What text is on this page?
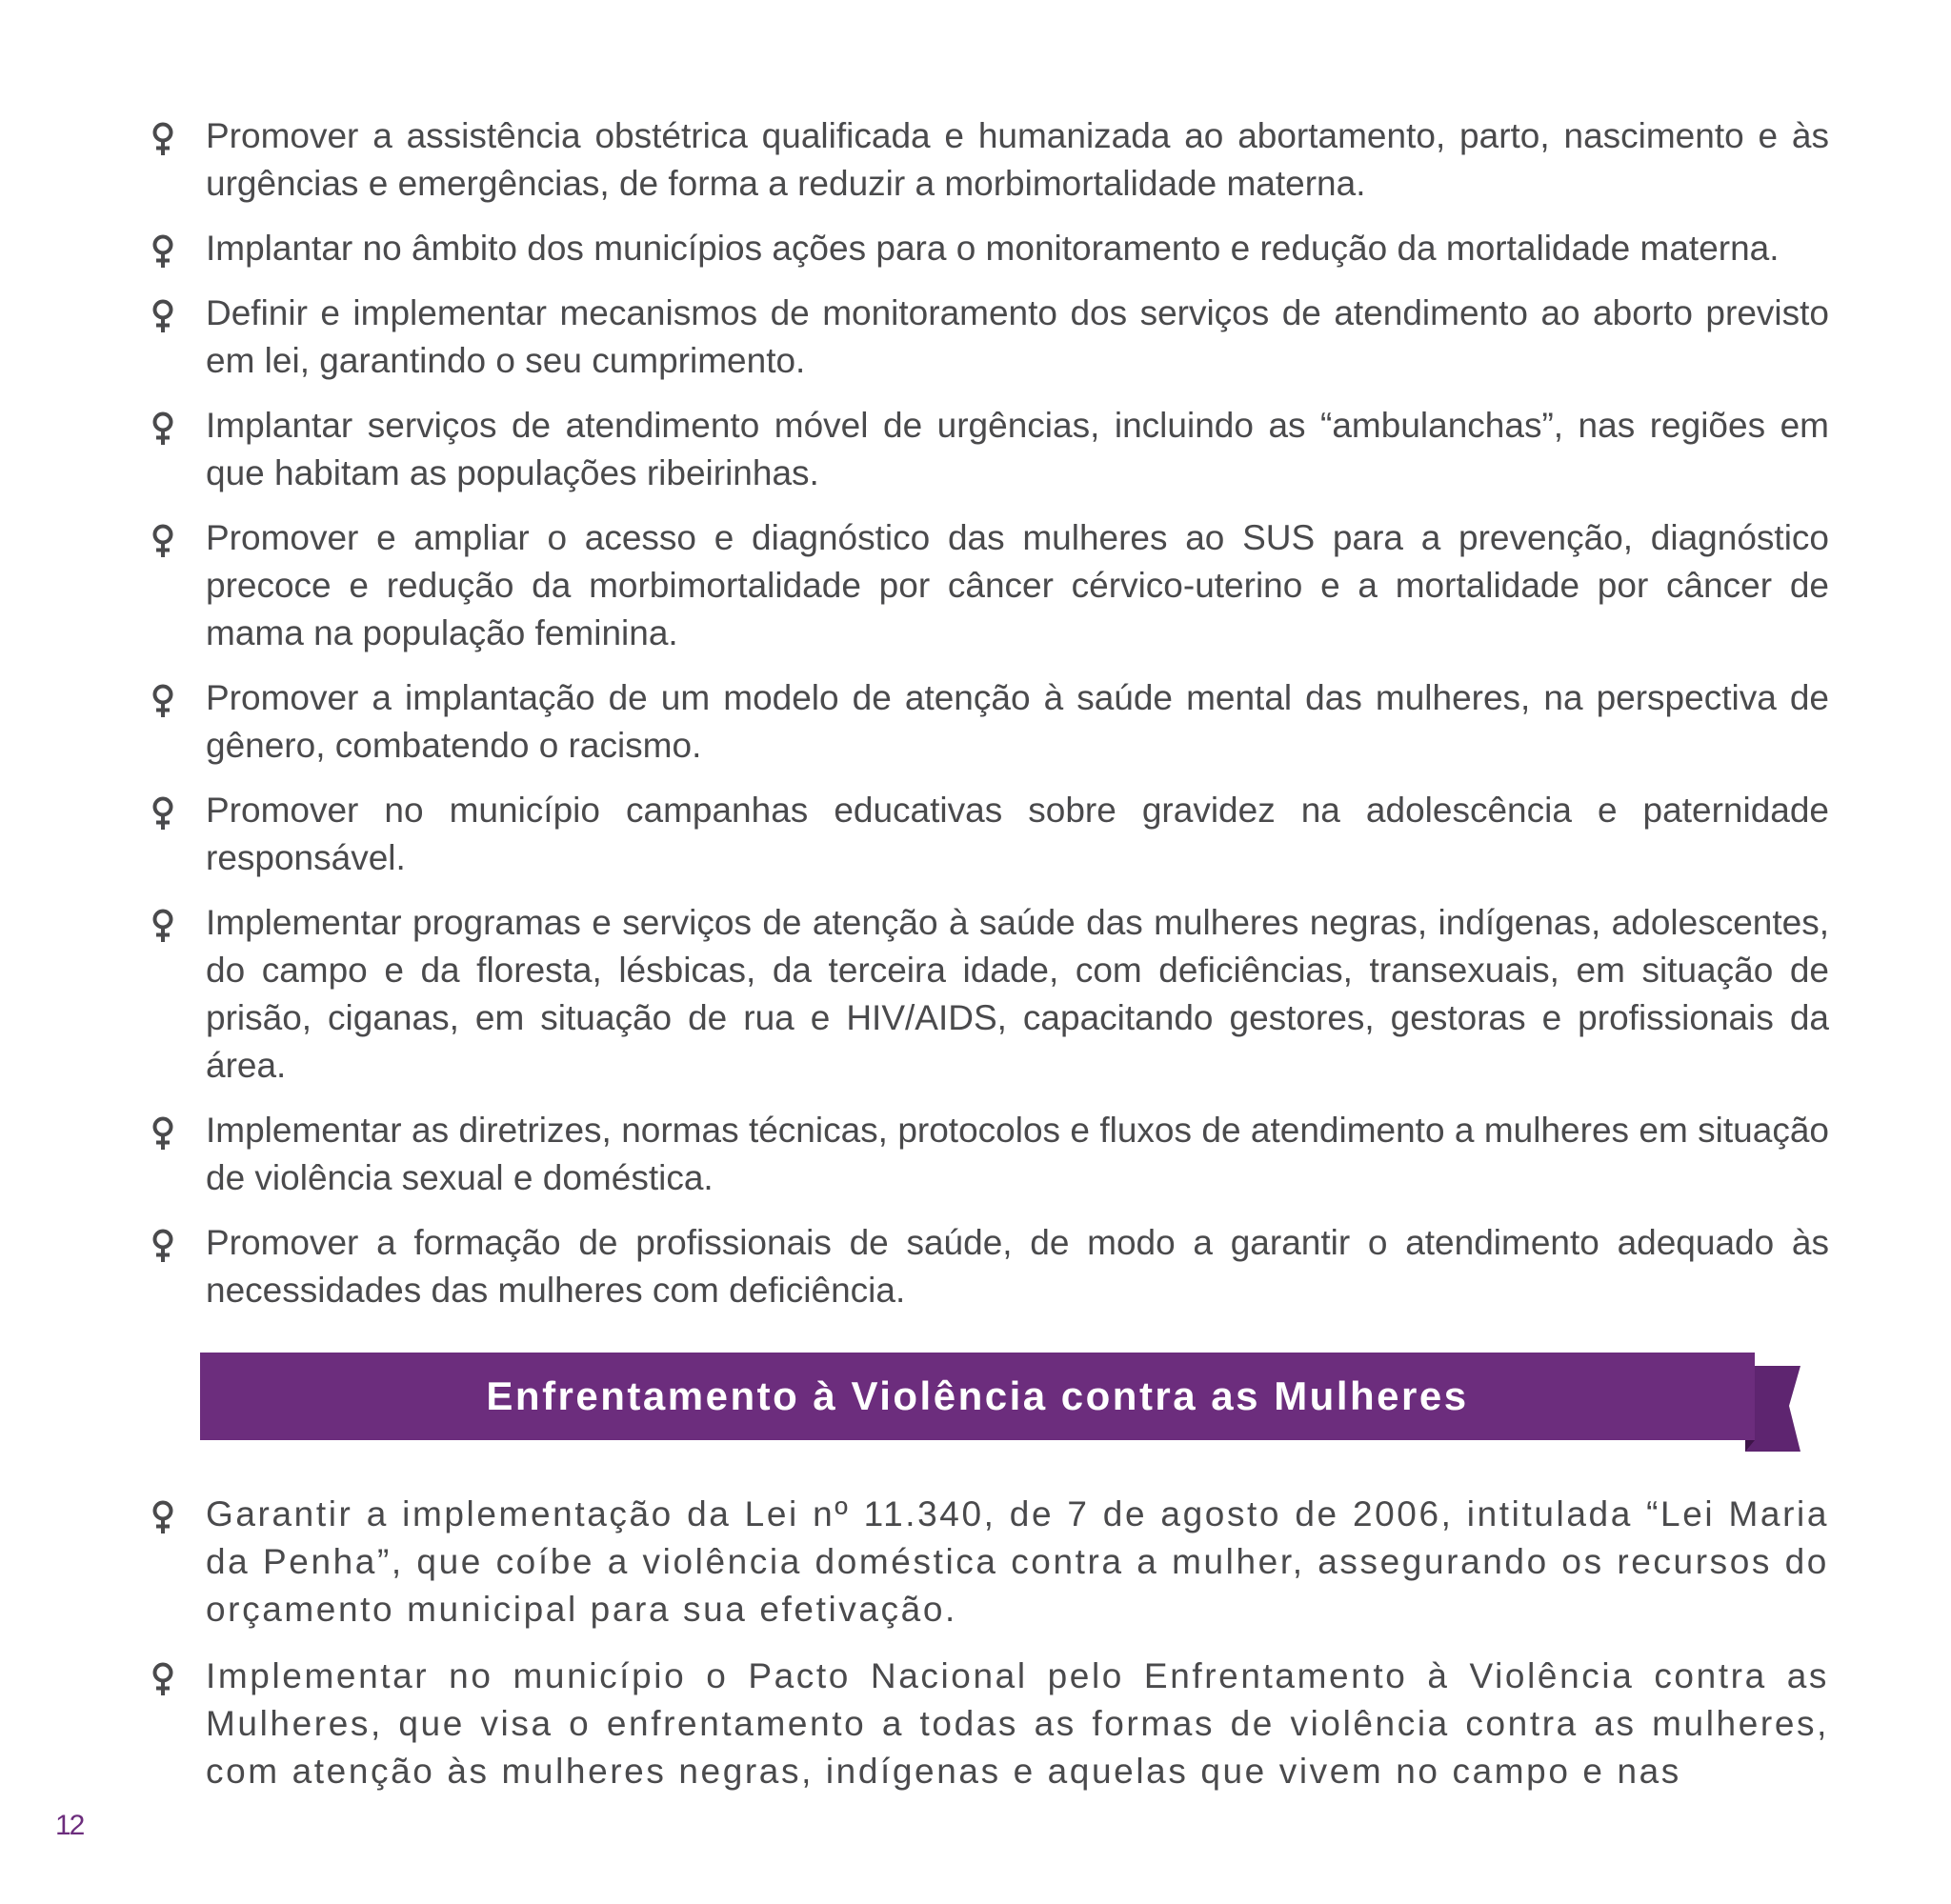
Promover a assistência obstétrica qualificada e humanizada ao abortamento, parto, nascimento e às urgências e emergências, de forma a reduzir a morbimortalidade materna.
Implantar no âmbito dos municípios ações para o monitoramento e redução da mortalidade materna.
Definir e implementar mecanismos de monitoramento dos serviços de atendimento ao aborto previsto em lei, garantindo o seu cumprimento.
Implantar serviços de atendimento móvel de urgências, incluindo as “ambulanchas”, nas regiões em que habitam as populações ribeirinhas.
Promover e ampliar o acesso e diagnóstico das mulheres ao SUS para a prevenção, diagnóstico precoce e redução da morbimortalidade por câncer cérvico-uterino e a mortalidade por câncer de mama na população feminina.
Promover a implantação de um modelo de atenção à saúde mental das mulheres, na perspectiva de gênero, combatendo o racismo.
Promover no município campanhas educativas sobre gravidez na adolescência e paternidade responsável.
Implementar programas e serviços de atenção à saúde das mulheres negras, indígenas, adolescentes, do campo e da floresta, lésbicas, da terceira idade, com deficiências, transexuais, em situação de prisão, ciganas, em situação de rua e HIV/AIDS, capacitando gestores, gestoras e profissionais da área.
Implementar as diretrizes, normas técnicas, protocolos e fluxos de atendimento a mulheres em situação de violência sexual e doméstica.
Promover a formação de profissionais de saúde, de modo a garantir o atendimento adequado às necessidades das mulheres com deficiência.
Enfrentamento à Violência contra as Mulheres
Garantir a implementação da Lei nº 11.340, de 7 de agosto de 2006, intitulada “Lei Maria da Penha”, que coíbe a violência doméstica contra a mulher, assegurando os recursos do orçamento municipal para sua efetivação.
Implementar no município o Pacto Nacional pelo Enfrentamento à Violência contra as Mulheres, que visa o enfrentamento a todas as formas de violência contra as mulheres, com atenção às mulheres negras, indígenas e aquelas que vivem no campo e nas
12
